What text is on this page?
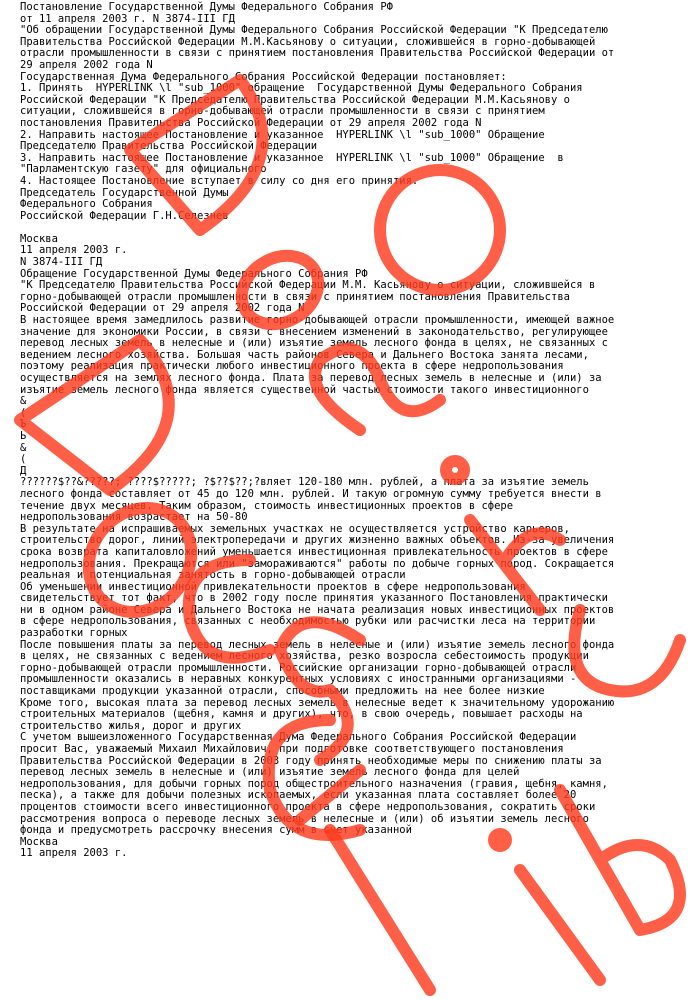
Постановление Государственной Думы Федерального Собрания РФ
от 11 апреля 2003 г. N 3874-III ГД
"Об обращении Государственной Думы Федерального Собрания Российской Федерации "К Председателю
Правительства Российской Федерации М.М.Касьянову о ситуации, сложившейся в горно-добывающей
отрасли промышленности в связи с принятием постановления Правительства Российской Федерации от
29 апреля 2002 года N
Государственная Дума Федерального Собрания Российской Федерации постановляет:
1. Принять  HYPERLINK \l "sub_1000" обращение  Государственной Думы Федерального Собрания
Российской Федерации "К Председателю Правительства Российской Федерации М.М.Касьянову о
ситуации, сложившейся в горно-добывающей отрасли промышленности в связи с принятием
постановления Правительства Российской Федерации от 29 апреля 2002 года N
2. Направить настоящее Постановление и указанное  HYPERLINK \l "sub_1000" Обращение
Председателю Правительства Российской Федерации
3. Направить настоящее Постановление и указанное  HYPERLINK \l "sub_1000" Обращение  в
"Парламентскую газету" для официального
4. Настоящее Постановление вступает в силу со дня его принятия.
Председатель Государственной Думы
Федерального Собрания
Российской Федерации Г.Н.Селезнев
Москва
11 апреля 2003 г.
N 3874-III ГД
Обращение Государственной Думы Федерального Собрания РФ
"К Председателю Правительства Российской Федерации М.М. Касьянову о ситуации, сложившейся в
горно-добывающей отрасли промышленности в связи с принятием постановления Правительства
Российской Федерации от 29 апреля 2002 года N
В настоящее время замедлилось развитие горно-добывающей отрасли промышленности, имеющей важное
значение для экономики России, в связи с внесением изменений в законодательство, регулирующее
перевод лесных земель в нелесные и (или) изъятие земель лесного фонда в целях, не связанных с
ведением лесного хозяйства. Большая часть районов Севера и Дальнего Востока занята лесами,
поэтому реализация практически любого инвестиционного проекта в сфере недропользования
осуществляется на землях лесного фонда. Плата за перевод лесных земель в нелесные и (или) за
изъятие земель лесного фонда является существенной частью стоимости такого инвестиционного
&
(
Ъ
Ь
&
(
Д
??????$??&?????; ????$?????; ?$??$??;?вляет 120-180 млн. рублей, а плата за изъятие земель
лесного фонда составляет от 45 до 120 млн. рублей. И такую огромную сумму требуется внести в
течение двух месяцев. Таким образом, стоимость инвестиционных проектов в сфере
недропользования возрастает на 50-80
В результате на испрашиваемых земельных участках не осуществляется устройство карьеров,
строительство дорог, линий электропередачи и других жизненно важных объектов. Из-за увеличения
срока возврата капиталовложений уменьшается инвестиционная привлекательность проектов в сфере
недропользования. Прекращаются или "замораживаются" работы по добыче горных пород. Сокращается
реальная и потенциальная занятость в горно-добывающей отрасли
Об уменьшении инвестиционной привлекательности проектов в сфере недропользования
свидетельствует тот факт, что в 2002 году после принятия указанного Постановления практически
ни в одном районе Севера и Дальнего Востока не начата реализация новых инвестиционных проектов
в сфере недропользования, связанных с необходимостью рубки или расчистки леса на территории
разработки горных
После повышения платы за перевод лесных земель в нелесные и (или) изъятие земель лесного фонда
в целях, не связанных с ведением лесного хозяйства, резко возросла себестоимость продукции
горно-добывающей отрасли промышленности. Российские организации горно-добывающей отрасли
промышленности оказались в неравных конкурентных условиях с иностранными организациями -
поставщиками продукции указанной отрасли, способными предложить на нее более низкие
Кроме того, высокая плата за перевод лесных земель в нелесные ведет к значительному удорожанию
строительных материалов (щебня, камня и других), что, в свою очередь, повышает расходы на
строительство жилья, дорог и других
С учетом вышеизложенного Государственная Дума Федерального Собрания Российской Федерации
просит Вас, уважаемый Михаил Михайлович, при подготовке соответствующего постановления
Правительства Российской Федерации в 2003 году принять необходимые меры по снижению платы за
перевод лесных земель в нелесные и (или) изъятие земель лесного фонда для целей
недропользования, для добычи горных пород общестроительного назначения (гравия, щебня, камня,
песка), а также для добычи полезных ископаемых, если указанная плата составляет более 20
процентов стоимости всего инвестиционного проекта в сфере недропользования, сократить сроки
рассмотрения вопроса о переводе лесных земель в нелесные и (или) об изъятии земель лесного
фонда и предусмотреть рассрочку внесения сумм в счет указанной
Москва
11 апреля 2003 г.
